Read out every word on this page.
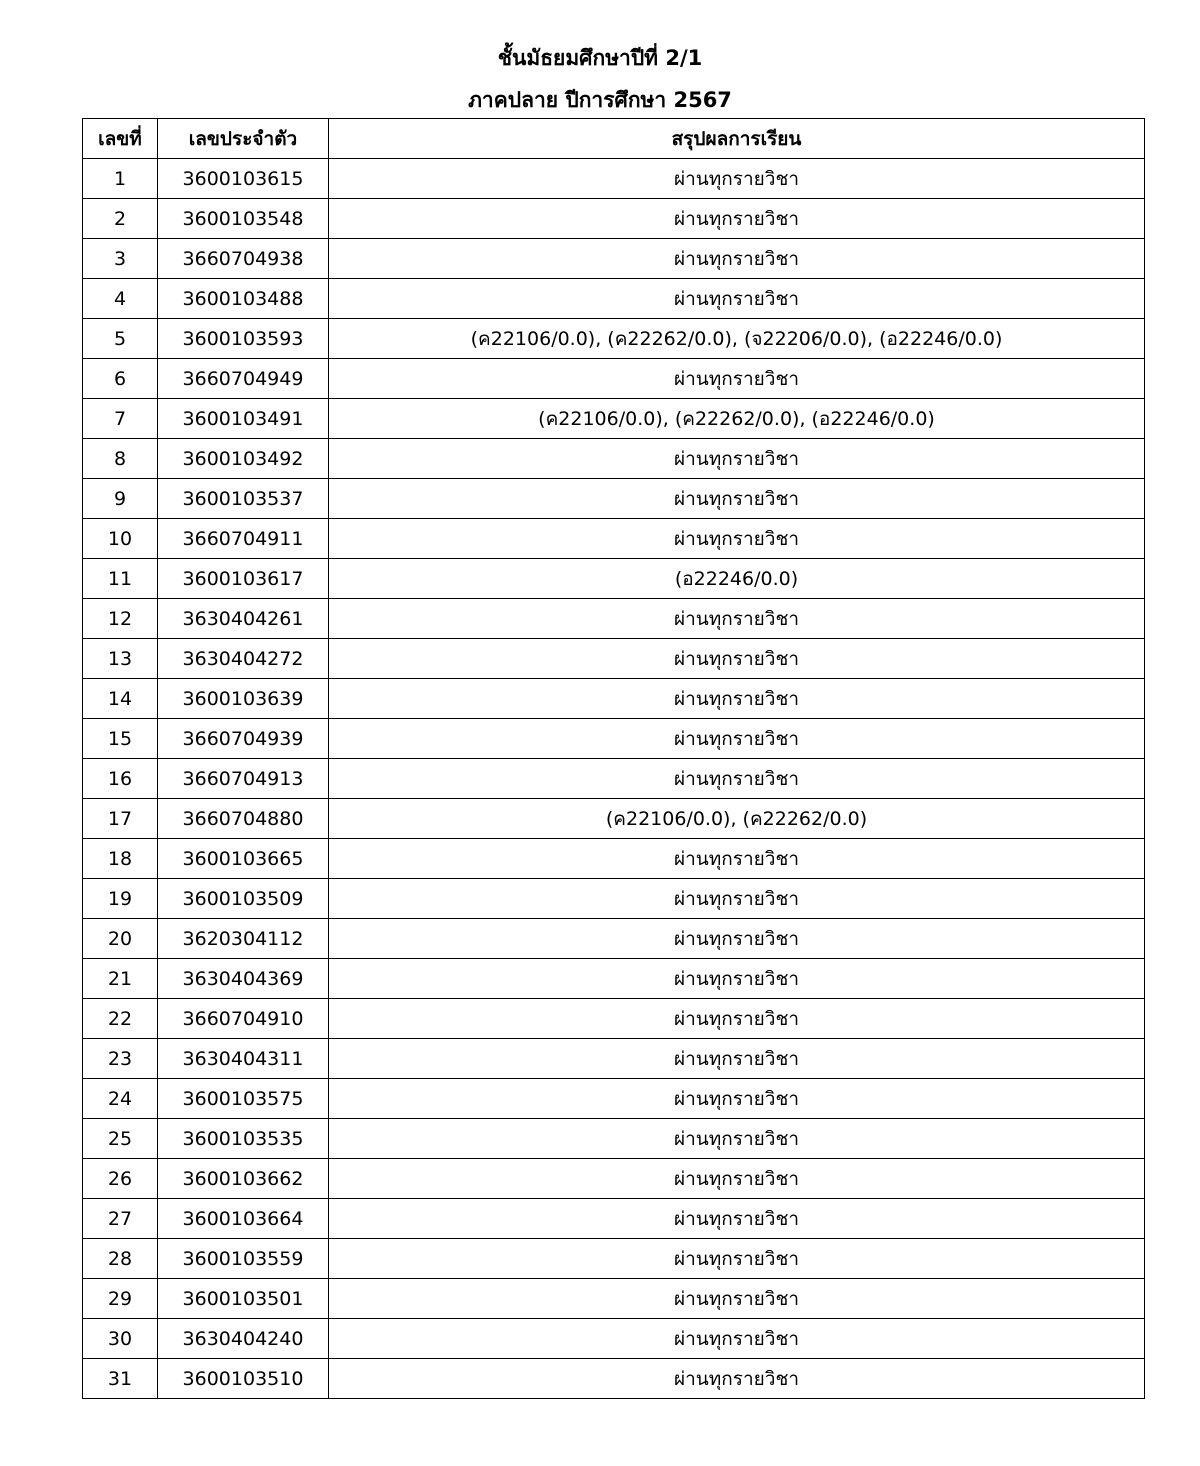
ชั้นมัธยมศึกษาปีที่ 2/1
ภาคปลาย ปีการศึกษา 2567
เลขที่	เลขประจำตัว	สรุปผลการเรียน
1	3600103615	ผ่านทุกรายวิชา
2	3600103548	ผ่านทุกรายวิชา
3	3660704938	ผ่านทุกรายวิชา
4	3600103488	ผ่านทุกรายวิชา
5	3600103593	(ค22106/0.0), (ค22262/0.0), (จ22206/0.0), (อ22246/0.0)
6	3660704949	ผ่านทุกรายวิชา
7	3600103491	(ค22106/0.0), (ค22262/0.0), (อ22246/0.0)
8	3600103492	ผ่านทุกรายวิชา
9	3600103537	ผ่านทุกรายวิชา
10	3660704911	ผ่านทุกรายวิชา
11	3600103617	(อ22246/0.0)
12	3630404261	ผ่านทุกรายวิชา
13	3630404272	ผ่านทุกรายวิชา
14	3600103639	ผ่านทุกรายวิชา
15	3660704939	ผ่านทุกรายวิชา
16	3660704913	ผ่านทุกรายวิชา
17	3660704880	(ค22106/0.0), (ค22262/0.0)
18	3600103665	ผ่านทุกรายวิชา
19	3600103509	ผ่านทุกรายวิชา
20	3620304112	ผ่านทุกรายวิชา
21	3630404369	ผ่านทุกรายวิชา
22	3660704910	ผ่านทุกรายวิชา
23	3630404311	ผ่านทุกรายวิชา
24	3600103575	ผ่านทุกรายวิชา
25	3600103535	ผ่านทุกรายวิชา
26	3600103662	ผ่านทุกรายวิชา
27	3600103664	ผ่านทุกรายวิชา
28	3600103559	ผ่านทุกรายวิชา
29	3600103501	ผ่านทุกรายวิชา
30	3630404240	ผ่านทุกรายวิชา
31	3600103510	ผ่านทุกรายวิชา
